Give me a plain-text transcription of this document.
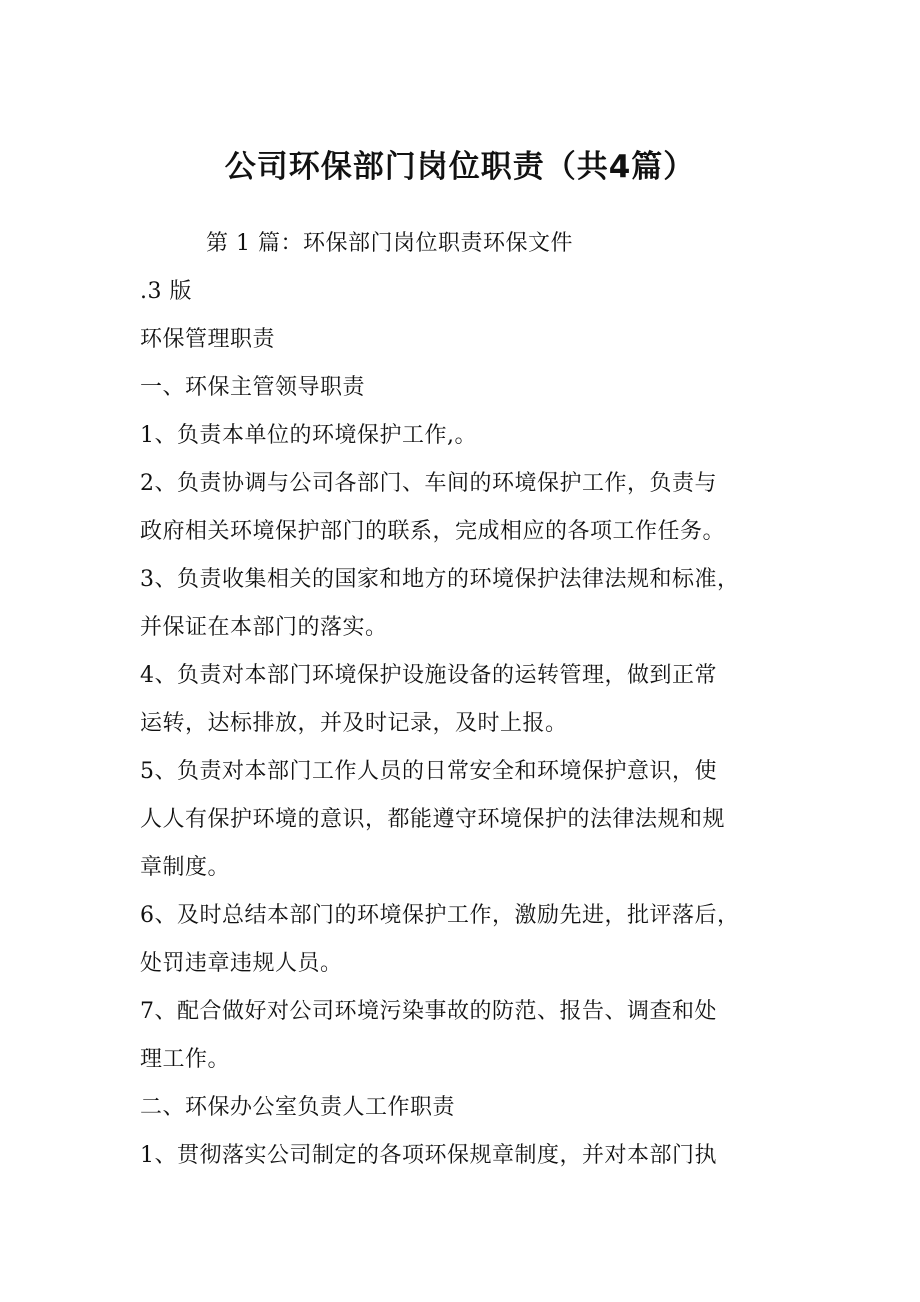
公司环保部门岗位职责（共4篇）

第 1 篇：环保部门岗位职责环保文件

.3 版

环保管理职责

一、环保主管领导职责

1、负责本单位的环境保护工作,。

2、负责协调与公司各部门、车间的环境保护工作，负责与

政府相关环境保护部门的联系，完成相应的各项工作任务。

3、负责收集相关的国家和地方的环境保护法律法规和标准，

并保证在本部门的落实。

4、负责对本部门环境保护设施设备的运转管理，做到正常

运转，达标排放，并及时记录，及时上报。

5、负责对本部门工作人员的日常安全和环境保护意识，使

人人有保护环境的意识，都能遵守环境保护的法律法规和规

章制度。

6、及时总结本部门的环境保护工作，激励先进，批评落后，

处罚违章违规人员。

7、配合做好对公司环境污染事故的防范、报告、调查和处

理工作。

二、环保办公室负责人工作职责

1、贯彻落实公司制定的各项环保规章制度，并对本部门执
